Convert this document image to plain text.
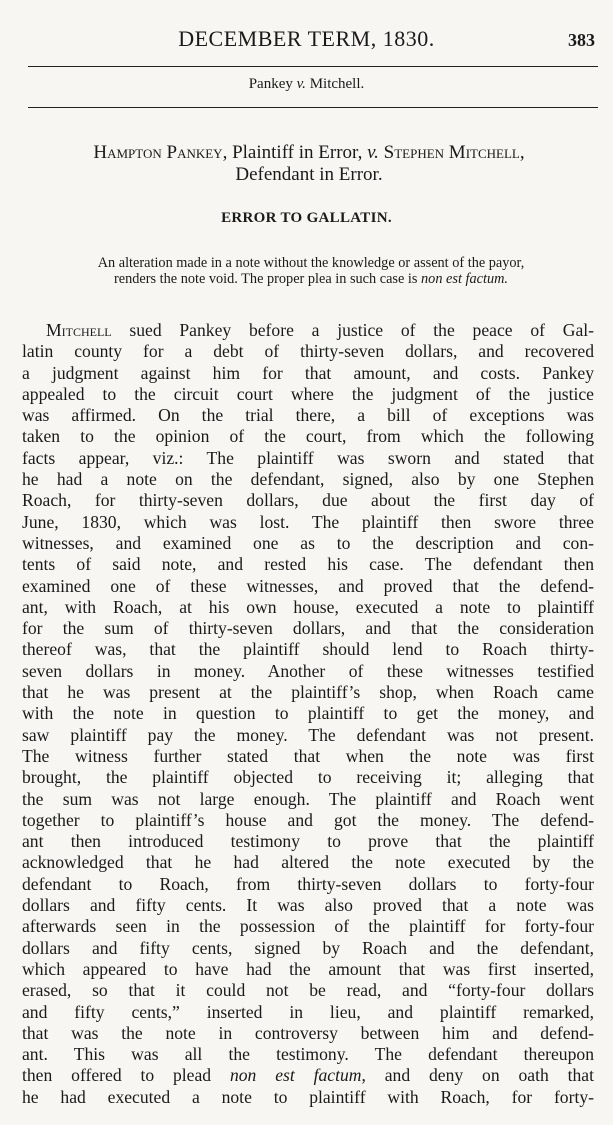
DECEMBER TERM, 1830.	383
Pankey v. Mitchell.
Hampton Pankey, Plaintiff in Error, v. Stephen Mitchell,
Defendant in Error.
ERROR TO GALLATIN.
An alteration made in a note without the knowledge or assent of the payor,
renders the note void. The proper plea in such case is non est factum.
Mitchell sued Pankey before a justice of the peace of Gal-
latin county for a debt of thirty-seven dollars, and recovered
a judgment against him for that amount, and costs. Pankey
appealed to the circuit court where the judgment of the justice
was affirmed. On the trial there, a bill of exceptions was
taken to the opinion of the court, from which the following
facts appear, viz.: The plaintiff was sworn and stated that
he had a note on the defendant, signed, also by one Stephen
Roach, for thirty-seven dollars, due about the first day of
June, 1830, which was lost. The plaintiff then swore three
witnesses, and examined one as to the description and con-
tents of said note, and rested his case. The defendant then
examined one of these witnesses, and proved that the defend-
ant, with Roach, at his own house, executed a note to plaintiff
for the sum of thirty-seven dollars, and that the consideration
thereof was, that the plaintiff should lend to Roach thirty-
seven dollars in money. Another of these witnesses testified
that he was present at the plaintiff’s shop, when Roach came
with the note in question to plaintiff to get the money, and
saw plaintiff pay the money. The defendant was not present.
The witness further stated that when the note was first
brought, the plaintiff objected to receiving it; alleging that
the sum was not large enough. The plaintiff and Roach went
together to plaintiff’s house and got the money. The defend-
ant then introduced testimony to prove that the plaintiff
acknowledged that he had altered the note executed by the
defendant to Roach, from thirty-seven dollars to forty-four
dollars and fifty cents. It was also proved that a note was
afterwards seen in the possession of the plaintiff for forty-four
dollars and fifty cents, signed by Roach and the defendant,
which appeared to have had the amount that was first inserted,
erased, so that it could not be read, and “forty-four dollars
and fifty cents,” inserted in lieu, and plaintiff remarked,
that was the note in controversy between him and defend-
ant. This was all the testimony. The defendant thereupon
then offered to plead non est factum, and deny on oath that
he had executed a note to plaintiff with Roach, for forty-
